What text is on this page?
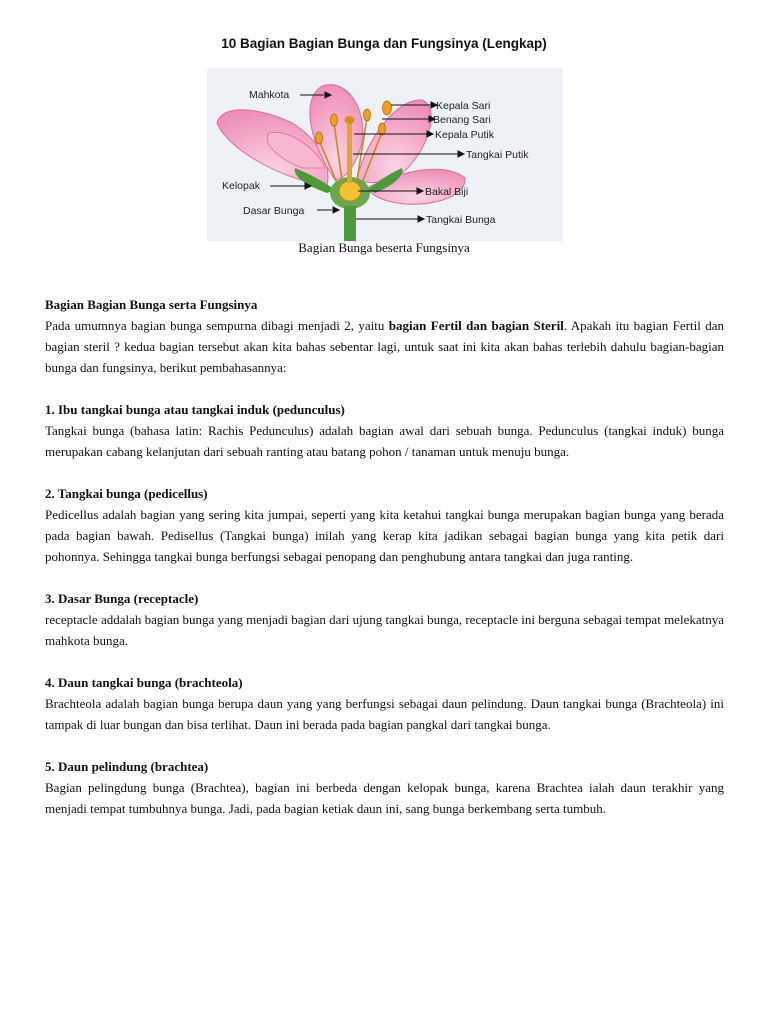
10 Bagian Bagian Bunga dan Fungsinya (Lengkap)
Mahkota
Kepala Sari
Benang Sari
Kepala Putik
Tangkai Putik
Kelopak	Bakal Biji
Dasar Bunga
Tangkai Bunga
Bagian Bunga beserta Fungsinya
Bagian Bagian Bunga serta Fungsinya

Pada umumnya bagian bunga sempurna dibagi menjadi 2, yaitu bagian Fertil dan bagian Steril. Apakah itu bagian Fertil dan bagian steril ? kedua bagian tersebut akan kita bahas sebentar lagi, untuk saat ini kita akan bahas terlebih dahulu bagian-bagian bunga dan fungsinya, berikut pembahasannya:

1. Ibu tangkai bunga atau tangkai induk (pedunculus)

Tangkai bunga (bahasa latin: Rachis Pedunculus) adalah bagian awal dari sebuah bunga. Pedunculus (tangkai induk) bunga merupakan cabang kelanjutan dari sebuah ranting atau batang pohon / tanaman untuk menuju bunga.

2. Tangkai bunga (pedicellus)

Pedicellus adalah bagian yang sering kita jumpai, seperti yang kita ketahui tangkai bunga merupakan bagian bunga yang berada pada bagian bawah. Pedisellus (Tangkai bunga) inilah yang kerap kita jadikan sebagai bagian bunga yang kita petik dari pohonnya. Sehingga tangkai bunga berfungsi sebagai penopang dan penghubung antara tangkai dan juga ranting.

3. Dasar Bunga (receptacle)

receptacle addalah bagian bunga yang menjadi bagian dari ujung tangkai bunga, receptacle ini berguna sebagai tempat melekatnya mahkota bunga.

4. Daun tangkai bunga (brachteola)

Brachteola adalah bagian bunga berupa daun yang yang berfungsi sebagai daun pelindung. Daun tangkai bunga (Brachteola) ini tampak di luar bungan dan bisa terlihat. Daun ini berada pada bagian pangkal dari tangkai bunga.

5. Daun pelindung (brachtea)

Bagian pelingdung bunga (Brachtea), bagian ini berbeda dengan kelopak bunga, karena Brachtea ialah daun terakhir yang menjadi tempat tumbuhnya bunga. Jadi, pada bagian ketiak daun ini, sang bunga berkembang serta tumbuh.
